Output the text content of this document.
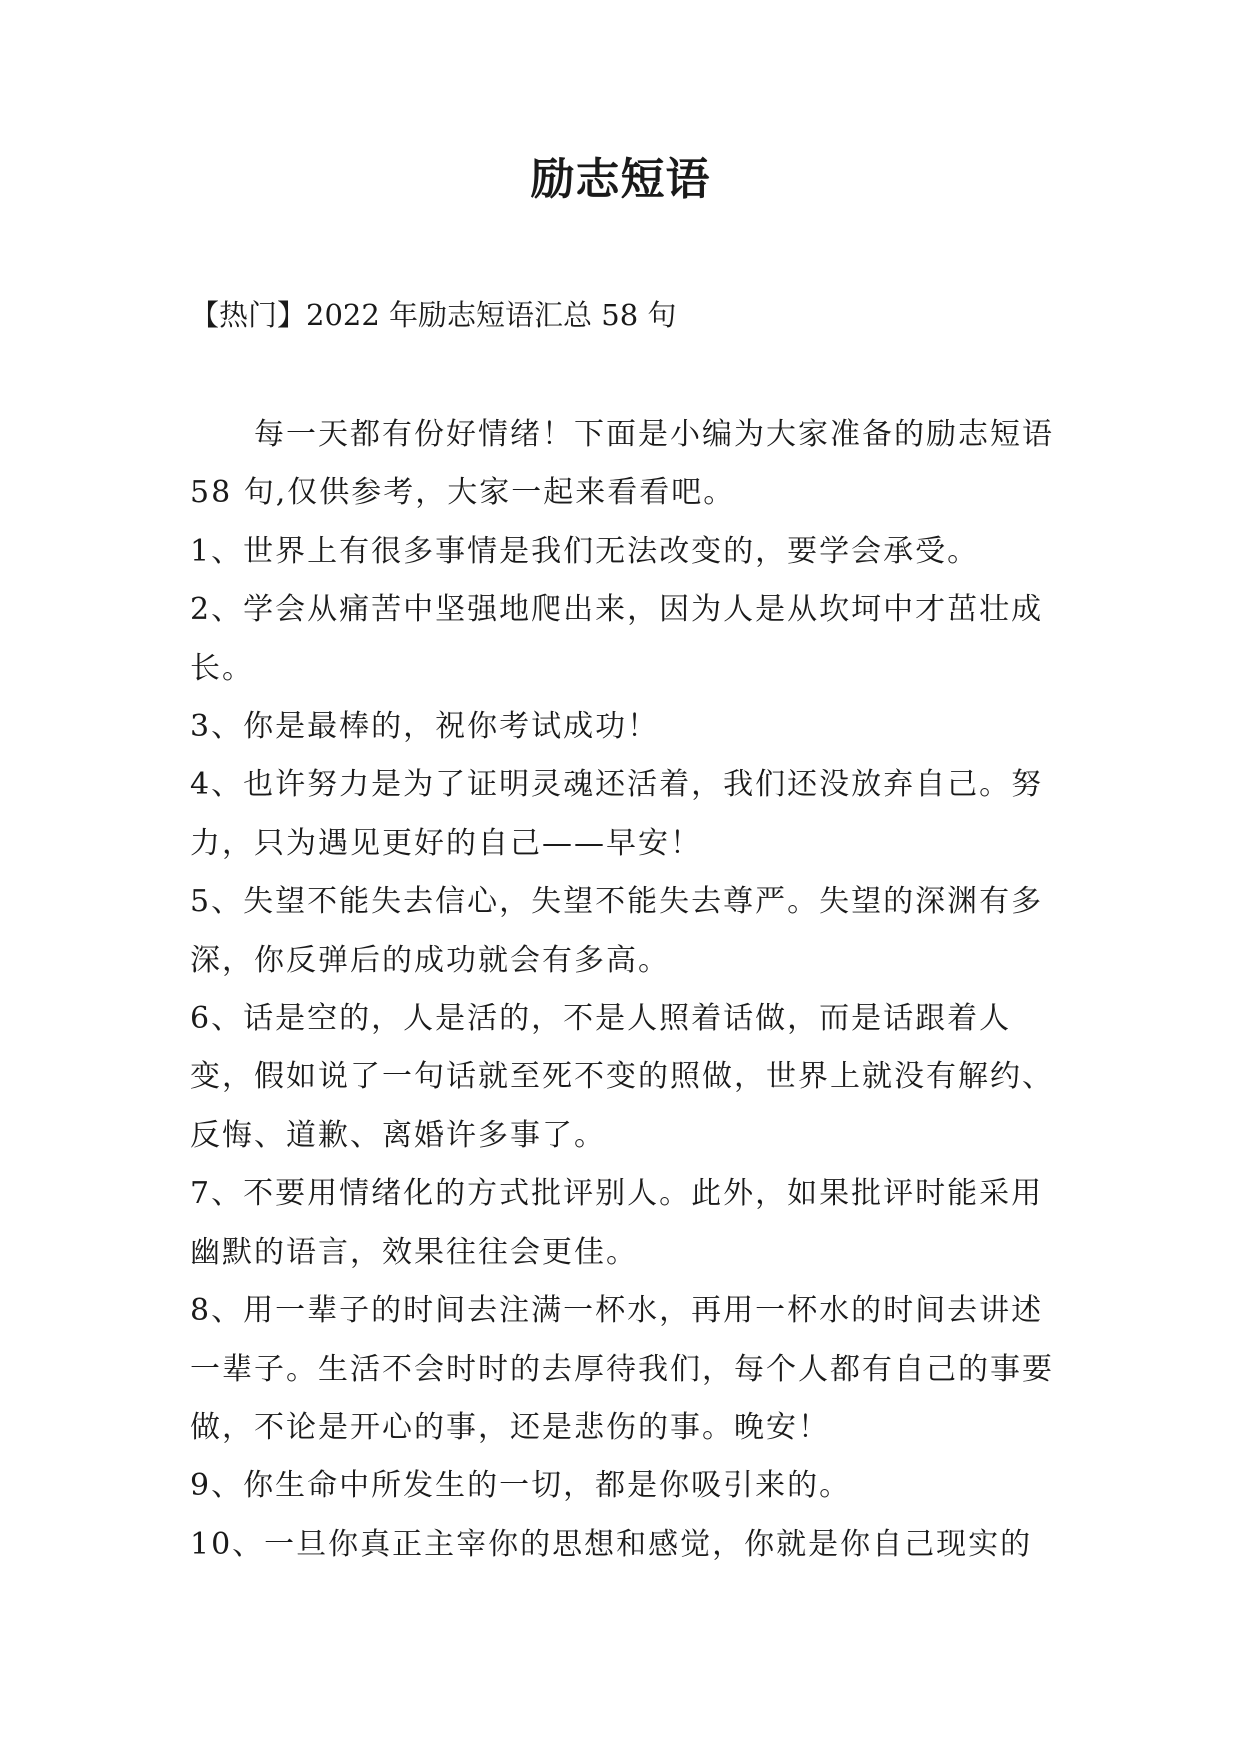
励志短语
【热门】2022 年励志短语汇总 58 句

每一天都有份好情绪！下面是小编为大家准备的励志短语 58 句,仅供参考，大家一起来看看吧。

1、世界上有很多事情是我们无法改变的，要学会承受。

2、学会从痛苦中坚强地爬出来，因为人是从坎坷中才茁壮成长。

3、你是最棒的，祝你考试成功！

4、也许努力是为了证明灵魂还活着，我们还没放弃自己。努力，只为遇见更好的自己——早安！

5、失望不能失去信心，失望不能失去尊严。失望的深渊有多深，你反弹后的成功就会有多高。

6、话是空的，人是活的，不是人照着话做，而是话跟着人变，假如说了一句话就至死不变的照做，世界上就没有解约、反悔、道歉、离婚许多事了。

7、不要用情绪化的方式批评别人。此外，如果批评时能采用幽默的语言，效果往往会更佳。

8、用一辈子的时间去注满一杯水，再用一杯水的时间去讲述一辈子。生活不会时时的去厚待我们，每个人都有自己的事要做，不论是开心的事，还是悲伤的事。晚安！

9、你生命中所发生的一切，都是你吸引来的。

10、一旦你真正主宰你的思想和感觉，你就是你自己现实的
